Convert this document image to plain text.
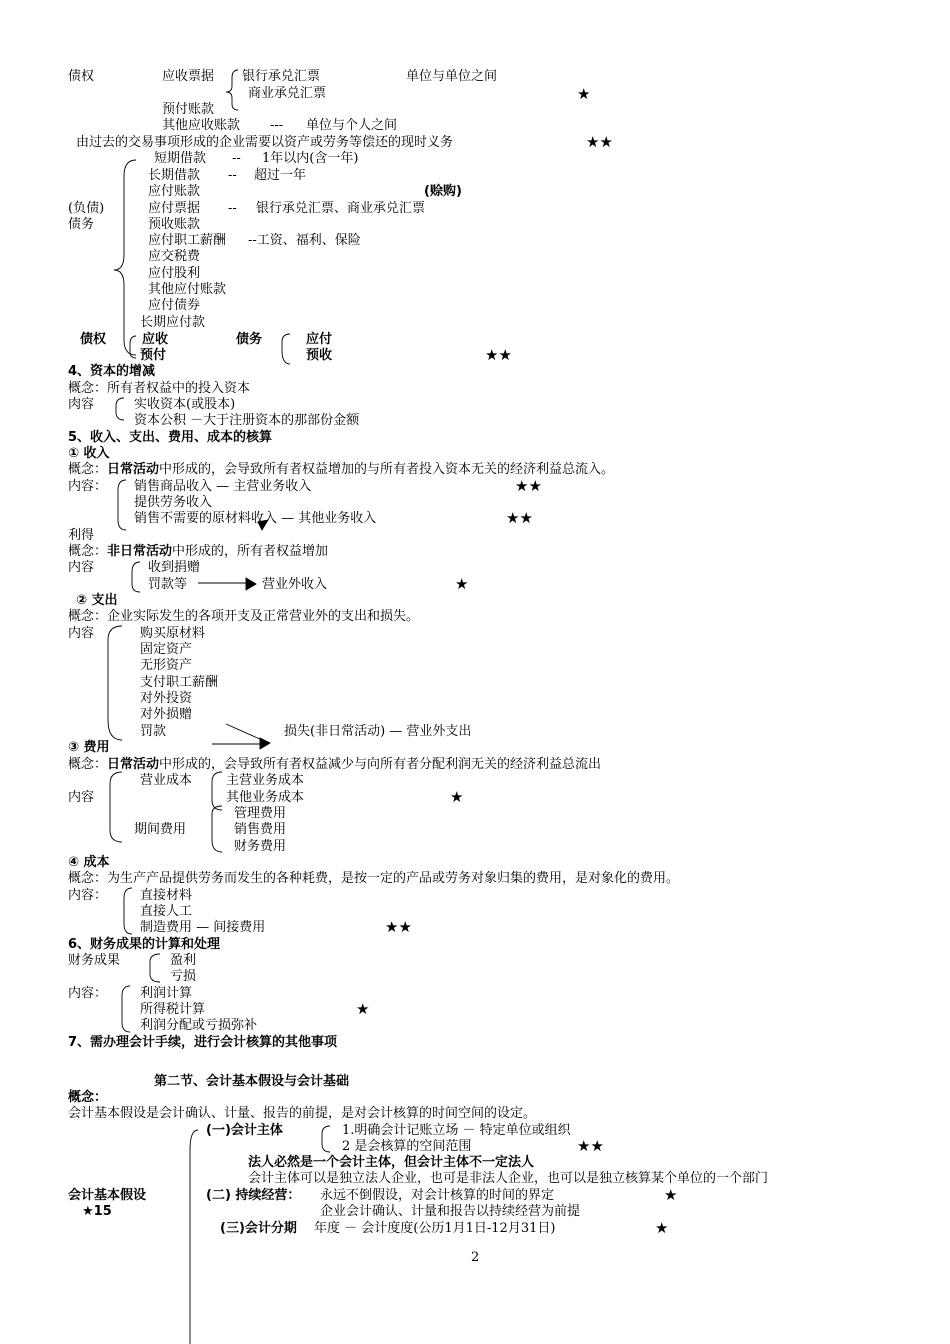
债权	应收票据 银行承兑汇票	单位与单位之间
商业承兑汇票	★
预付账款
其他应收账款 --- 单位与个人之间
由过去的交易事项形成的企业需要以资产或劳务等偿还的现时义务	★★
短期借款 -- 1年以内(含一年)
长期借款 -- 超过一年
应付账款	(赊购)
(负债)	应付票据 -- 银行承兑汇票、商业承兑汇票
债务	预收账款
应付职工薪酬 --工资、福利、保险
应交税费
应付股利
其他应付账款
应付债券
长期应付款
债权	应收	债务	应付
预付	预收	★★
4、资本的增减
概念：所有者权益中的投入资本
肉容	实收资本(或股本)
资本公积 －大于注册资本的那部份金额
5、收入、支出、费用、成本的核算
① 收入
概念：日常活动中形成的，会导致所有者权益增加的与所有者投入资本无关的经济利益总流入。
内容： 销售商品收入 — 主营业务收入	★★
提供劳务收入
销售不需要的原材料收入 — 其他业务收入	★★
利得
概念：非日常活动中形成的，所有者权益增加
内容	收到捐赠
罚款等	营业外收入	★
② 支出
概念：企业实际发生的各项开支及正常营业外的支出和损失。
内容	购买原材料
固定资产
无形资产
支付职工薪酬
对外投资
对外损赠
罚款	损失(非日常活动) — 营业外支出
③ 费用
概念：日常活动中形成的，会导致所有者权益减少与向所有者分配利润无关的经济利益总流出
营业成本	主营业务成本
内容	其他业务成本	★
管理费用
期间费用	销售费用
财务费用
④ 成本
概念：为生产产品提供劳务而发生的各种耗费，是按一定的产品或劳务对象归集的费用，是对象化的费用。
内容：	直接材料
直接人工
制造费用 — 间接费用	★★
6、财务成果的计算和处理
财务成果	盈利
亏损
内容：	利润计算
所得税计算	★
利润分配或亏损弥补
7、需办理会计手续，进行会计核算的其他事项
第二节、会计基本假设与会计基础
概念：
会计基本假设是会计确认、计量、报告的前提，是对会计核算的时间空间的设定。
(一)会计主体	1.明确会计记账立场 － 特定单位或组织
2 是会核算的空间范围	★★
法人必然是一个会计主体，但会计主体不一定法人
会计主体可以是独立法人企业，也可是非法人企业，也可以是独立核算某个单位的一个部门
会计基本假设	(二) 持续经营： 永远不倒假设，对会计核算的时间的界定	★
★15	企业会计确认、计量和报告以持续经营为前提
(三)会计分期 年度 － 会计度度(公历1月1日-12月31日)	★
2
